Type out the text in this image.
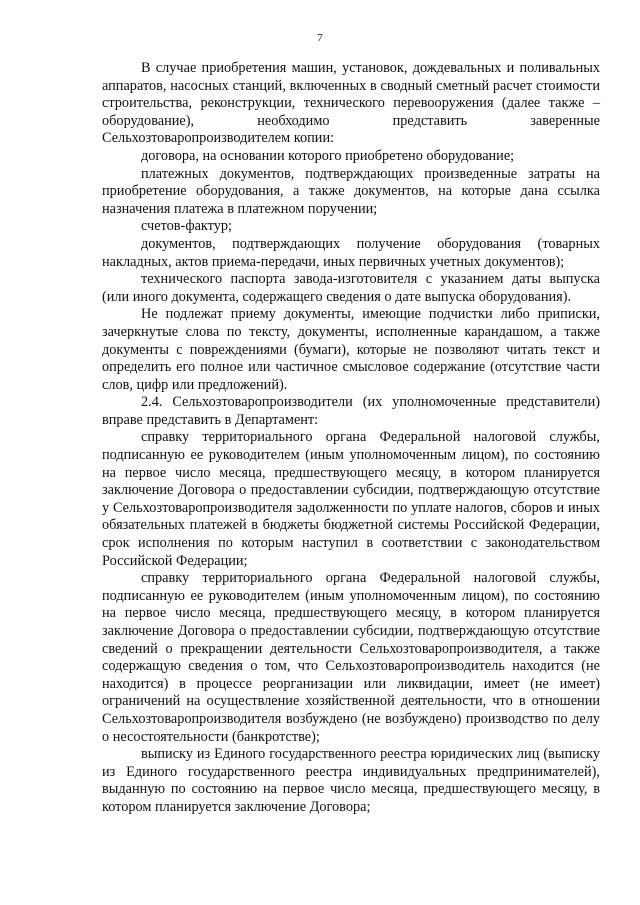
7

В случае приобретения машин, установок, дождевальных и поливальных аппаратов, насосных станций, включенных в сводный сметный расчет стоимости строительства, реконструкции, технического перевооружения (далее также – оборудование), необходимо представить заверенные Сельхозтоваропроизводителем копии:

договора, на основании которого приобретено оборудование;

платежных документов, подтверждающих произведенные затраты на приобретение оборудования, а также документов, на которые дана ссылка назначения платежа в платежном поручении;

счетов-фактур;

документов, подтверждающих получение оборудования (товарных накладных, актов приема-передачи, иных первичных учетных документов);

технического паспорта завода-изготовителя с указанием даты выпуска (или иного документа, содержащего сведения о дате выпуска оборудования).

Не подлежат приему документы, имеющие подчистки либо приписки, зачеркнутые слова по тексту, документы, исполненные карандашом, а также документы с повреждениями (бумаги), которые не позволяют читать текст и определить его полное или частичное смысловое содержание (отсутствие части слов, цифр или предложений).

2.4. Сельхозтоваропроизводители (их уполномоченные представители) вправе представить в Департамент:

справку территориального органа Федеральной налоговой службы, подписанную ее руководителем (иным уполномоченным лицом), по состоянию на первое число месяца, предшествующего месяцу, в котором планируется заключение Договора о предоставлении субсидии, подтверждающую отсутствие у Сельхозтоваропроизводителя задолженности по уплате налогов, сборов и иных обязательных платежей в бюджеты бюджетной системы Российской Федерации, срок исполнения по которым наступил в соответствии с законодательством Российской Федерации;

справку территориального органа Федеральной налоговой службы, подписанную ее руководителем (иным уполномоченным лицом), по состоянию на первое число месяца, предшествующего месяцу, в котором планируется заключение Договора о предоставлении субсидии, подтверждающую отсутствие сведений о прекращении деятельности Сельхозтоваропроизводителя, а также содержащую сведения о том, что Сельхозтоваропроизводитель находится (не находится) в процессе реорганизации или ликвидации, имеет (не имеет) ограничений на осуществление хозяйственной деятельности, что в отношении Сельхозтоваропроизводителя возбуждено (не возбуждено) производство по делу о несостоятельности (банкротстве);

выписку из Единого государственного реестра юридических лиц (выписку из Единого государственного реестра индивидуальных предпринимателей), выданную по состоянию на первое число месяца, предшествующего месяцу, в котором планируется заключение Договора;
